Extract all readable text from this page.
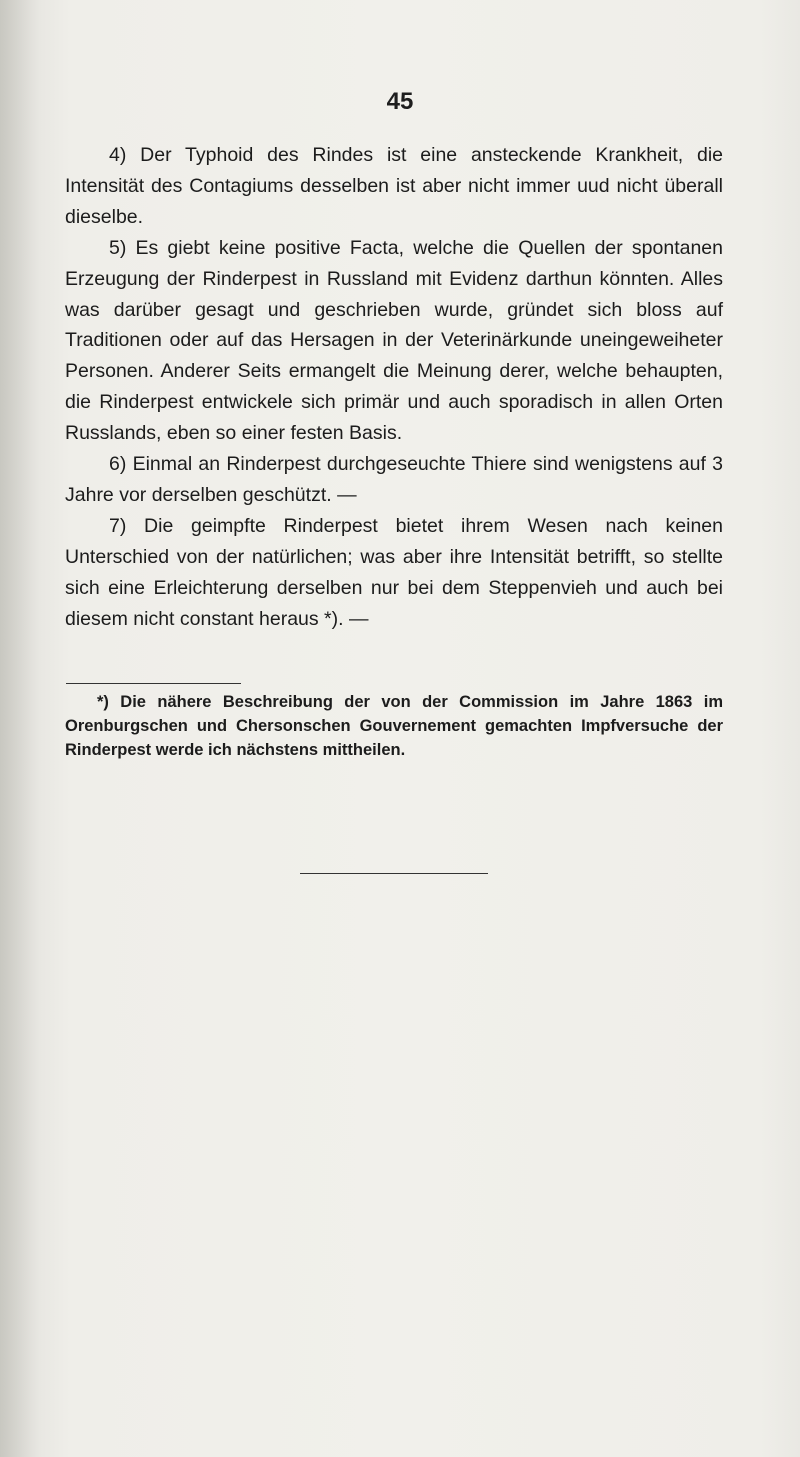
45

4) Der Typhoid des Rindes ist eine ansteckende Krankheit, die Intensität des Contagiums desselben ist aber nicht immer uud nicht überall dieselbe.

5) Es giebt keine positive Facta, welche die Quellen der spontanen Erzeugung der Rinderpest in Russland mit Evidenz darthun könnten. Alles was darüber gesagt und geschrieben wurde, gründet sich bloss auf Traditionen oder auf das Hersagen in der Veterinärkunde uneingeweiheter Personen. Anderer Seits ermangelt die Meinung derer, welche behaupten, die Rinderpest entwickele sich primär und auch sporadisch in allen Orten Russlands, eben so einer festen Basis.

6) Einmal an Rinderpest durchgeseuchte Thiere sind wenigstens auf 3 Jahre vor derselben geschützt. —

7) Die geimpfte Rinderpest bietet ihrem Wesen nach keinen Unterschied von der natürlichen; was aber ihre Intensität betrifft, so stellte sich eine Erleichterung derselben nur bei dem Steppenvieh und auch bei diesem nicht constant heraus *). —

*) Die nähere Beschreibung der von der Commission im Jahre 1863 im Orenburgschen und Chersonschen Gouvernement gemachten Impfversuche der Rinderpest werde ich nächstens mittheilen.
